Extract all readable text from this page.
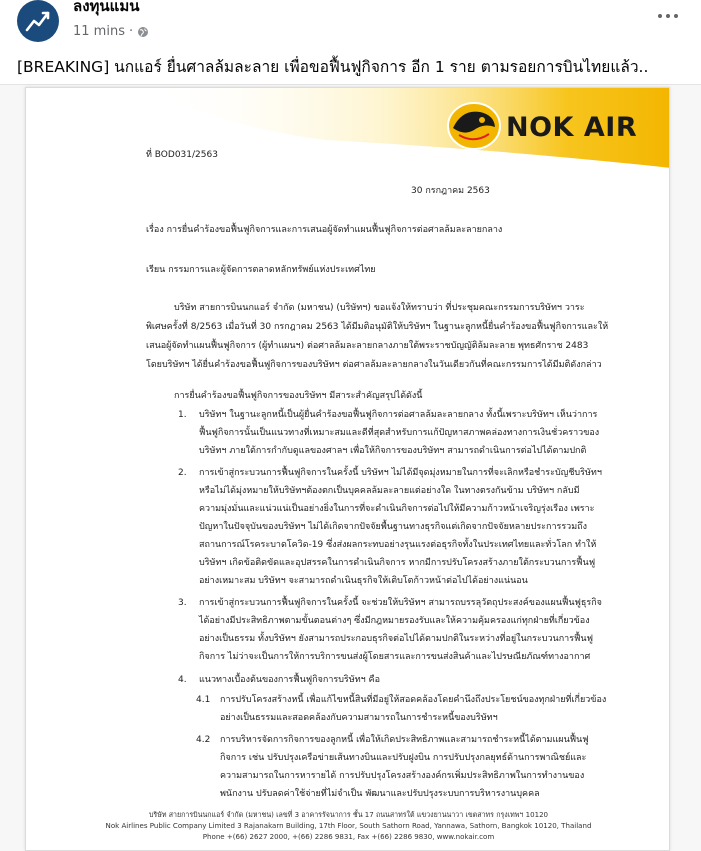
ลงทุนแมน
11 mins ·
[BREAKING] นกแอร์ ยื่นศาลล้มละลาย เพื่อขอฟื้นฟูกิจการ อีก 1 ราย ตามรอยการบินไทยแล้ว..
NOK AIR
ที่ BOD031/2563
30 กรกฎาคม 2563
เรื่อง การยื่นคำร้องขอฟื้นฟูกิจการและการเสนอผู้จัดทำแผนฟื้นฟูกิจการต่อศาลล้มละลายกลาง
เรียน กรรมการและผู้จัดการตลาดหลักทรัพย์แห่งประเทศไทย
บริษัท สายการบินนกแอร์ จำกัด (มหาชน) (บริษัทฯ) ขอแจ้งให้ทราบว่า ที่ประชุมคณะกรรมการบริษัทฯ วาระ
พิเศษครั้งที่ 8/2563 เมื่อวันที่ 30 กรกฎาคม 2563 ได้มีมติอนุมัติให้บริษัทฯ ในฐานะลูกหนี้ยื่นคำร้องขอฟื้นฟูกิจการและให้
เสนอผู้จัดทำแผนฟื้นฟูกิจการ (ผู้ทำแผนฯ) ต่อศาลล้มละลายกลางภายใต้พระราชบัญญัติล้มละลาย พุทธศักราช 2483
โดยบริษัทฯ ได้ยื่นคำร้องขอฟื้นฟูกิจการของบริษัทฯ ต่อศาลล้มละลายกลางในวันเดียวกันที่คณะกรรมการได้มีมติดังกล่าว
การยื่นคำร้องขอฟื้นฟูกิจการของบริษัทฯ มีสาระสำคัญสรุปได้ดังนี้
1. บริษัทฯ ในฐานะลูกหนี้เป็นผู้ยื่นคำร้องขอฟื้นฟูกิจการต่อศาลล้มละลายกลาง ทั้งนี้เพราะบริษัทฯ เห็นว่าการ
ฟื้นฟูกิจการนั้นเป็นแนวทางที่เหมาะสมและดีที่สุดสำหรับการแก้ปัญหาสภาพคล่องทางการเงินชั่วคราวของ
บริษัทฯ ภายใต้การกำกับดูแลของศาลฯ เพื่อให้กิจการของบริษัทฯ สามารถดำเนินการต่อไปได้ตามปกติ
2. การเข้าสู่กระบวนการฟื้นฟูกิจการในครั้งนี้ บริษัทฯ ไม่ได้มีจุดมุ่งหมายในการที่จะเลิกหรือชำระบัญชีบริษัทฯ
หรือไม่ได้มุ่งหมายให้บริษัทฯต้องตกเป็นบุคคลล้มละลายแต่อย่างใด ในทางตรงกันข้าม บริษัทฯ กลับมี
ความมุ่งมั่นและแน่วแน่เป็นอย่างยิ่งในการที่จะดำเนินกิจการต่อไปให้มีความก้าวหน้าเจริญรุ่งเรือง เพราะ
ปัญหาในปัจจุบันของบริษัทฯ ไม่ได้เกิดจากปัจจัยพื้นฐานทางธุรกิจแต่เกิดจากปัจจัยหลายประการรวมถึง
สถานการณ์โรคระบาดโควิด-19 ซึ่งส่งผลกระทบอย่างรุนแรงต่อธุรกิจทั้งในประเทศไทยและทั่วโลก ทำให้
บริษัทฯ เกิดข้อติดขัดและอุปสรรคในการดำเนินกิจการ หากมีการปรับโครงสร้างภายใต้กระบวนการฟื้นฟู
อย่างเหมาะสม บริษัทฯ จะสามารถดำเนินธุรกิจให้เติบโตก้าวหน้าต่อไปได้อย่างแน่นอน
3. การเข้าสู่กระบวนการฟื้นฟูกิจการในครั้งนี้ จะช่วยให้บริษัทฯ สามารถบรรลุวัตถุประสงค์ของแผนฟื้นฟูธุรกิจ
ได้อย่างมีประสิทธิภาพตามขั้นตอนต่างๆ ซึ่งมีกฎหมายรองรับและให้ความคุ้มครองแก่ทุกฝ่ายที่เกี่ยวข้อง
อย่างเป็นธรรม ทั้งบริษัทฯ ยังสามารถประกอบธุรกิจต่อไปได้ตามปกติในระหว่างที่อยู่ในกระบวนการฟื้นฟู
กิจการ ไม่ว่าจะเป็นการให้การบริการขนส่งผู้โดยสารและการขนส่งสินค้าและไปรษณียภัณฑ์ทางอากาศ
4. แนวทางเบื้องต้นของการฟื้นฟูกิจการบริษัทฯ คือ
4.1 การปรับโครงสร้างหนี้ เพื่อแก้ไขหนี้สินที่มีอยู่ให้สอดคล้องโดยคำนึงถึงประโยชน์ของทุกฝ่ายที่เกี่ยวข้อง
อย่างเป็นธรรมและสอดคล้องกับความสามารถในการชำระหนี้ของบริษัทฯ
4.2 การบริหารจัดการกิจการของลูกหนี้ เพื่อให้เกิดประสิทธิภาพและสามารถชำระหนี้ได้ตามแผนฟื้นฟู
กิจการ เช่น ปรับปรุงเครือข่ายเส้นทางบินและปรับฝูงบิน การปรับปรุงกลยุทธ์ด้านการพาณิชย์และ
ความสามารถในการหารายได้ การปรับปรุงโครงสร้างองค์กรเพิ่มประสิทธิภาพในการทำงานของ
พนักงาน ปรับลดค่าใช้จ่ายที่ไม่จำเป็น พัฒนาและปรับปรุงระบบการบริหารงานบุคคล
บริษัท สายการบินนกแอร์ จำกัด (มหาชน) เลขที่ 3 อาคารรัจนาการ ชั้น 17 ถนนสาทรใต้ แขวงยานนาวา เขตสาทร กรุงเทพฯ 10120
Nok Airlines Public Company Limited 3 Rajanakarn Building, 17th Floor, South Sathorn Road, Yannawa, Sathorn, Bangkok 10120, Thailand
Phone +(66) 2627 2000, +(66) 2286 9831, Fax +(66) 2286 9830, www.nokair.com
